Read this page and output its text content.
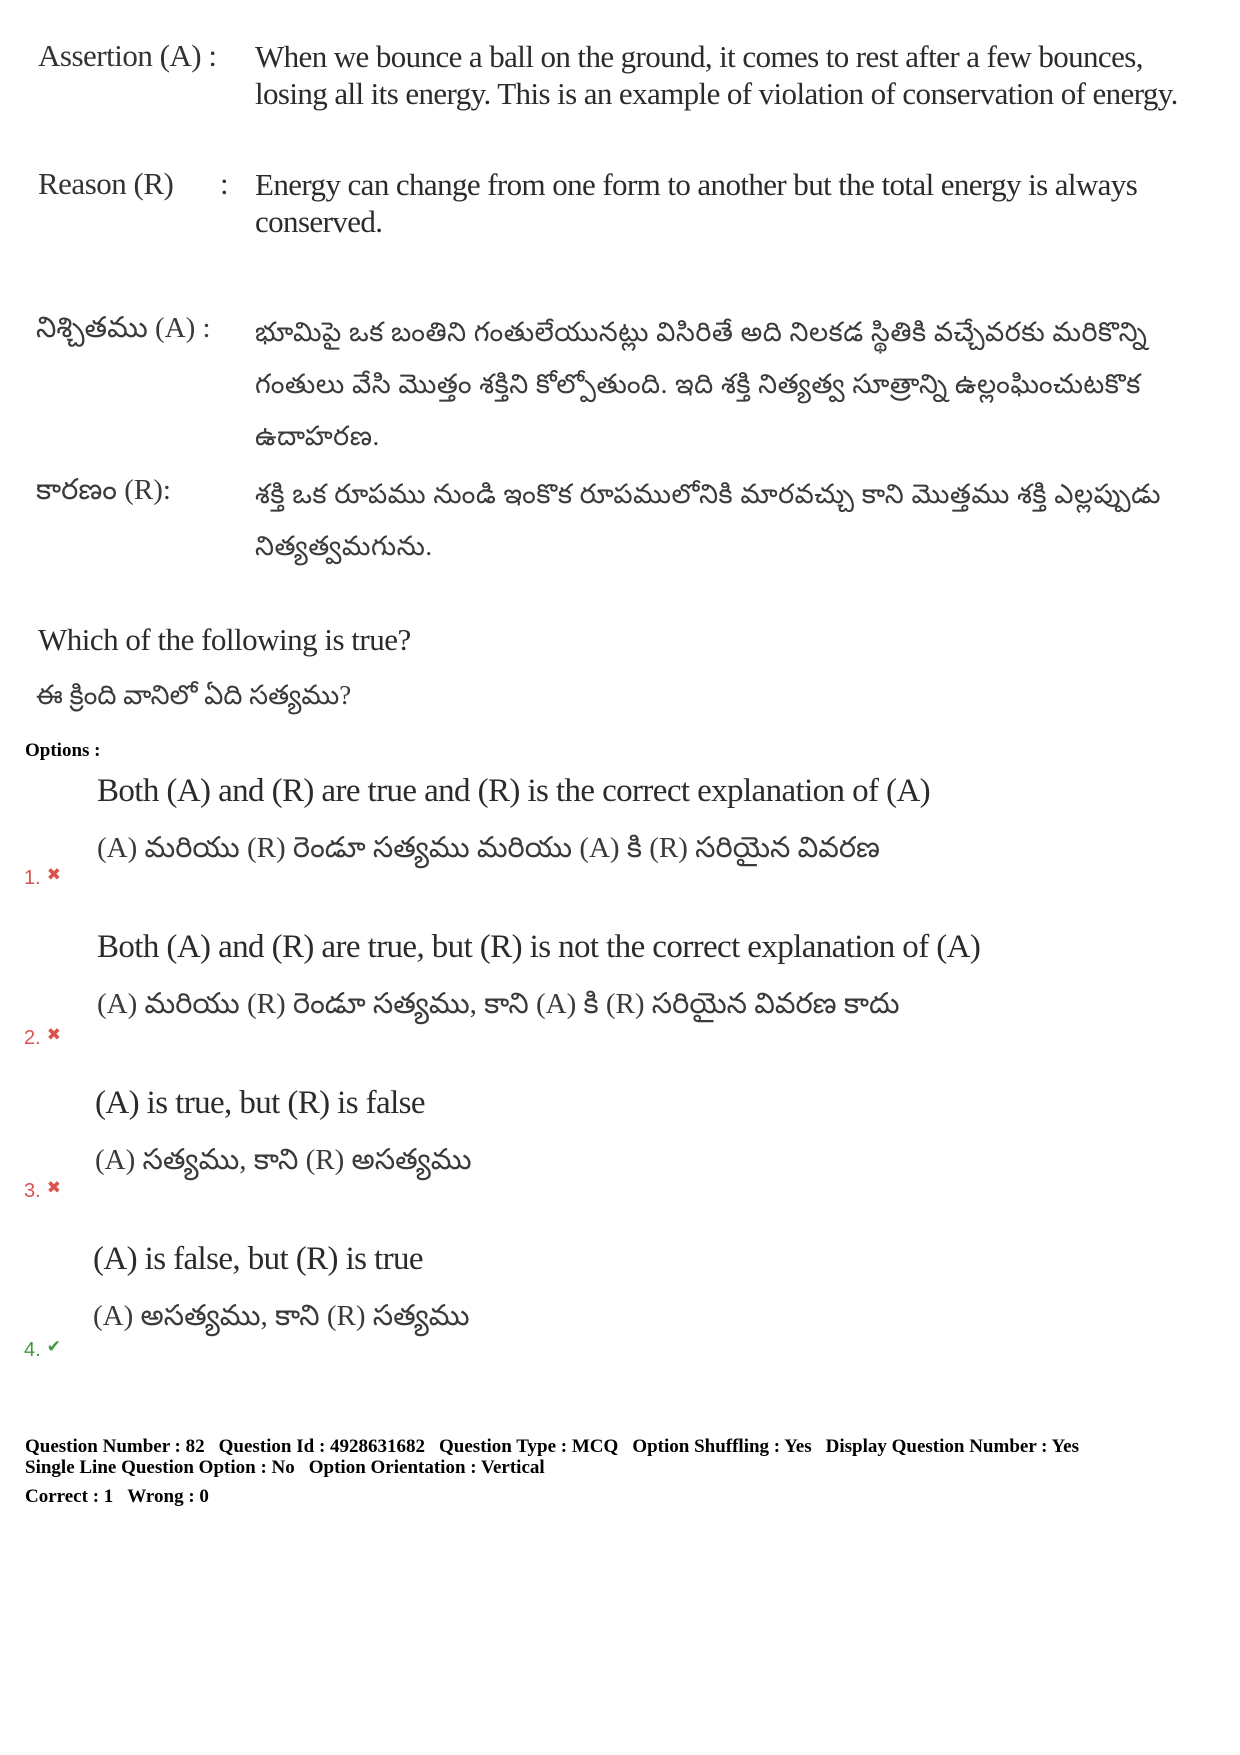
Assertion (A) : When we bounce a ball on the ground, it comes to rest after a few bounces, losing all its energy. This is an example of violation of conservation of energy.
Reason (R) : Energy can change from one form to another but the total energy is always conserved.
నిశ్చితము (A) : భూమిపై ఒక బంతిని గంతులేయునట్లు విసిరితే అది నిలకడ స్థితికి వచ్చేవరకు మరికొన్ని గంతులు వేసి మొత్తం శక్తిని కోల్పోతుంది. ఇది శక్తి నిత్యత్వ సూత్రాన్ని ఉల్లంఘించుటకొక ఉదాహరణ.
కారణం (R):	శక్తి ఒక రూపము నుండి ఇంకొక రూపములోనికి మారవచ్చు కాని మొత్తము శక్తి ఎల్లప్పుడు నిత్యత్వమగును.
Which of the following is true?
ఈ క్రింది వానిలో ఏది సత్యము?
Options :
Both (A) and (R) are true and (R) is the correct explanation of (A)
(A) మరియు (R) రెండూ సత్యము మరియు (A) కి (R) సరియైన వివరణ
1. ✖
Both (A) and (R) are true, but (R) is not the correct explanation of (A)
(A) మరియు (R) రెండూ సత్యము, కాని (A) కి (R) సరియైన వివరణ కాదు
2. ✖
(A) is true, but (R) is false
(A) సత్యము, కాని (R) అసత్యము
3. ✖
(A) is false, but (R) is true
(A) అసత్యము, కాని (R) సత్యము
4. ✔
Question Number : 82 Question Id : 4928631682 Question Type : MCQ Option Shuffling : Yes Display Question Number : Yes
Single Line Question Option : No Option Orientation : Vertical
Correct : 1 Wrong : 0
